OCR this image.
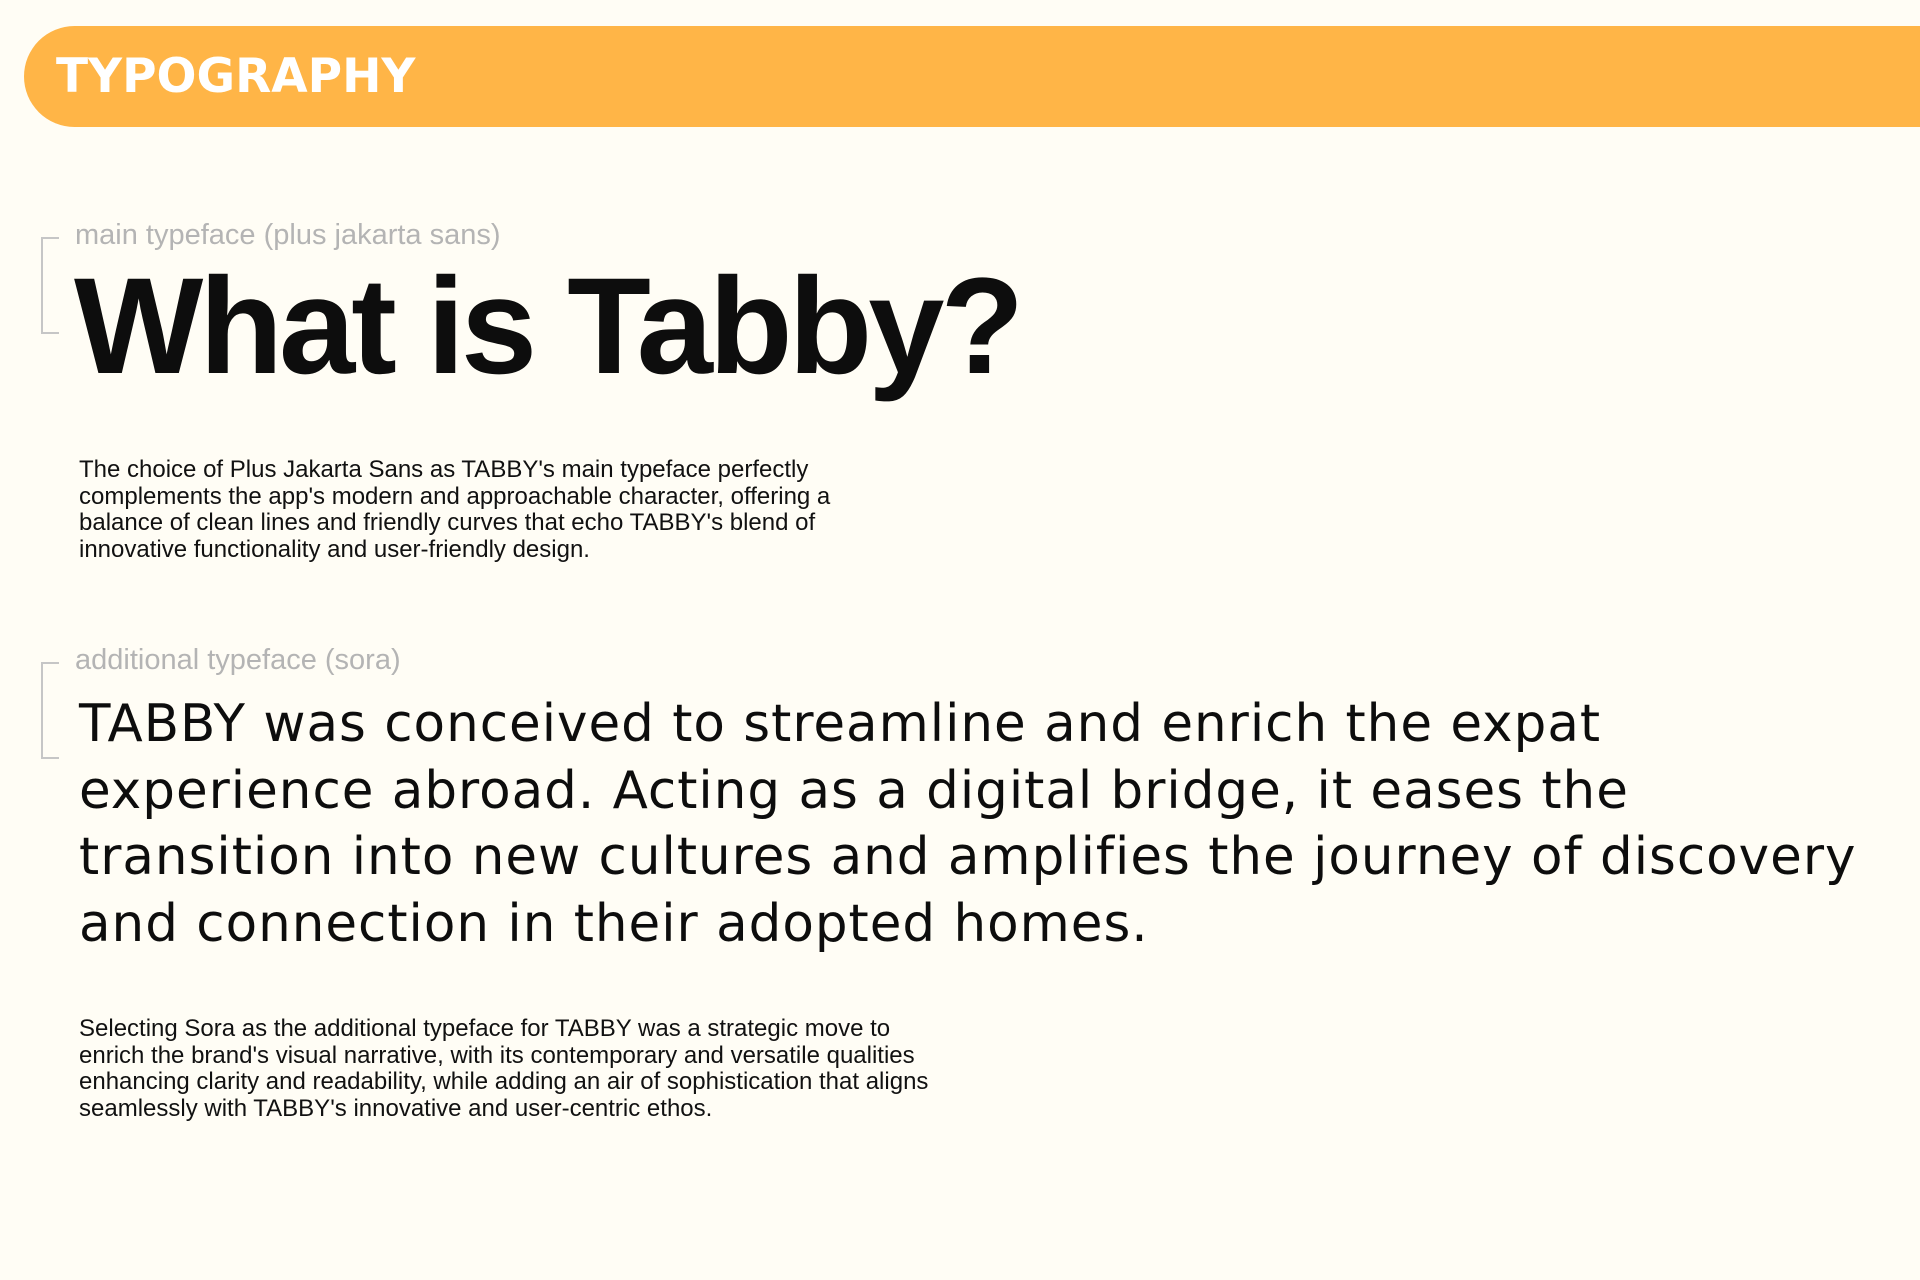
TYPOGRAPHY

main typeface (plus jakarta sans)

What is Tabby?

The choice of Plus Jakarta Sans as TABBY's main typeface perfectly complements the app's modern and approachable character, offering a balance of clean lines and friendly curves that echo TABBY's blend of innovative functionality and user-friendly design.

additional typeface (sora)

TABBY was conceived to streamline and enrich the expat experience abroad. Acting as a digital bridge, it eases the transition into new cultures and amplifies the journey of discovery and connection in their adopted homes.

Selecting Sora as the additional typeface for TABBY was a strategic move to enrich the brand's visual narrative, with its contemporary and versatile qualities enhancing clarity and readability, while adding an air of sophistication that aligns seamlessly with TABBY's innovative and user-centric ethos.
